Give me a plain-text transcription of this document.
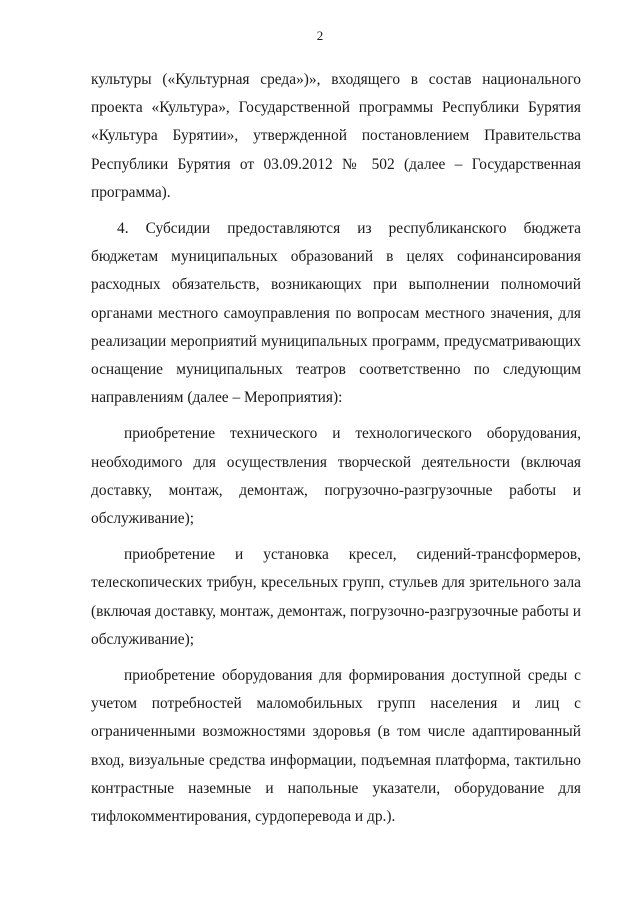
2

культуры («Культурная среда»)», входящего в состав национального проекта «Культура», Государственной программы Республики Бурятия «Культура Бурятии», утвержденной постановлением Правительства Республики Бурятия от 03.09.2012 № 502 (далее – Государственная программа).

4. Субсидии предоставляются из республиканского бюджета бюджетам муниципальных образований в целях софинансирования расходных обязательств, возникающих при выполнении полномочий органами местного самоуправления по вопросам местного значения, для реализации мероприятий муниципальных программ, предусматривающих оснащение муниципальных театров соответственно по следующим направлениям (далее – Мероприятия):

приобретение технического и технологического оборудования, необходимого для осуществления творческой деятельности (включая доставку, монтаж, демонтаж, погрузочно-разгрузочные работы и обслуживание);

приобретение и установка кресел, сидений-трансформеров, телескопических трибун, кресельных групп, стульев для зрительного зала (включая доставку, монтаж, демонтаж, погрузочно-разгрузочные работы и обслуживание);

приобретение оборудования для формирования доступной среды с учетом потребностей маломобильных групп населения и лиц с ограниченными возможностями здоровья (в том числе адаптированный вход, визуальные средства информации, подъемная платформа, тактильно контрастные наземные и напольные указатели, оборудование для тифлокомментирования, сурдоперевода и др.).
